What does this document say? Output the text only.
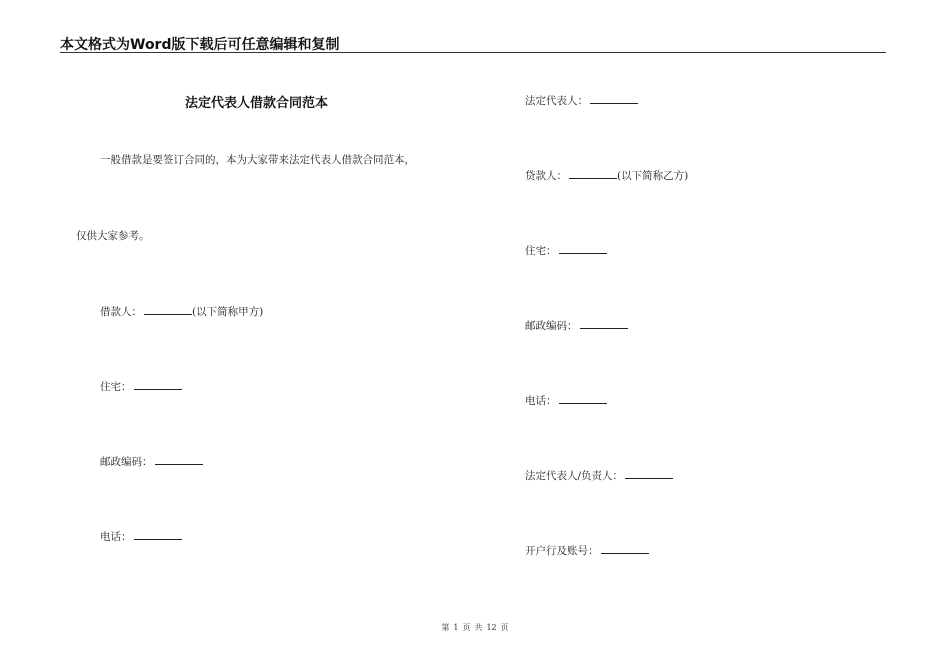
本文格式为Word版下载后可任意编辑和复制
法定代表人借款合同范本
一般借款是要签订合同的，本为大家带来法定代表人借款合同范本，
仅供大家参考。
借款人：	(以下简称甲方)
住宅：
邮政编码：
电话：
法定代表人：
贷款人：	(以下简称乙方)
住宅：
邮政编码：
电话：
法定代表人/负责人：
开户行及账号：
第 1 页 共 12 页
